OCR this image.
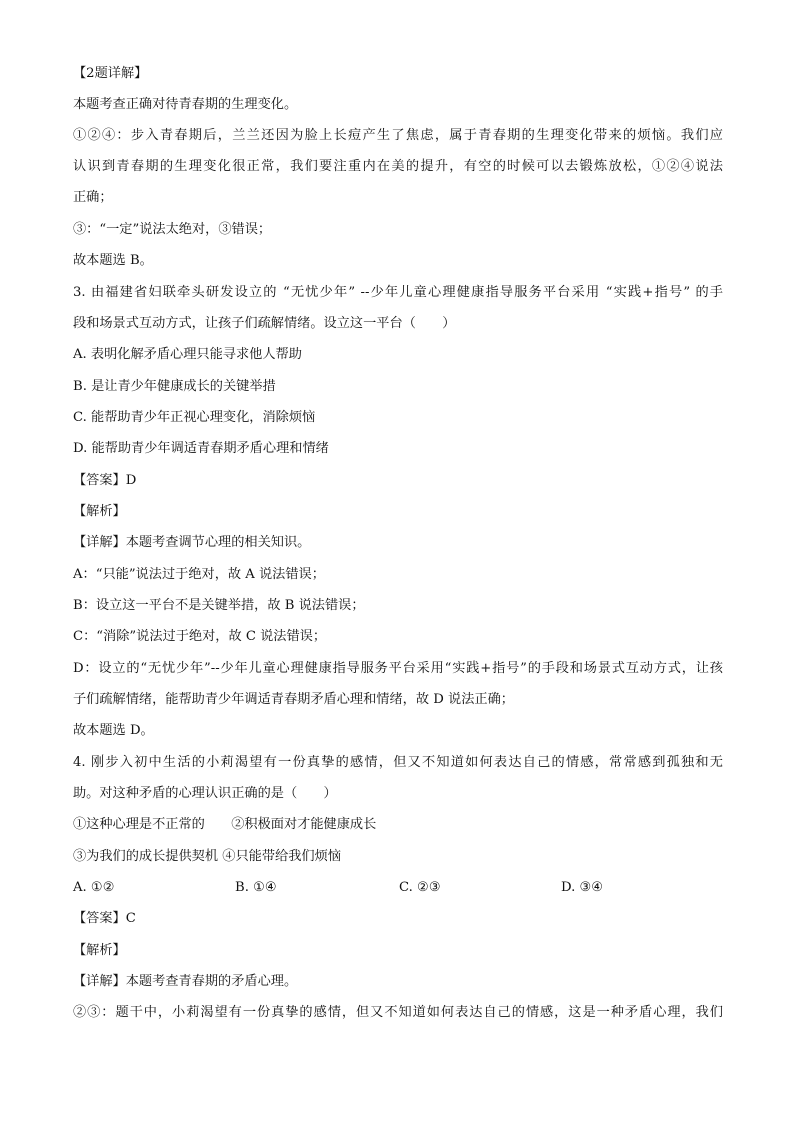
【2题详解】
本题考查正确对待青春期的生理变化。
①②④：步入青春期后，兰兰还因为脸上长痘产生了焦虑，属于青春期的生理变化带来的烦恼。我们应
认识到青春期的生理变化很正常，我们要注重内在美的提升，有空的时候可以去锻炼放松，①②④说法
正确；
③：“一定”说法太绝对，③错误；
故本题选 B。
3. 由福建省妇联牵头研发设立的 “无忧少年” --少年儿童心理健康指导服务平台采用 “实践+指号” 的手
段和场景式互动方式，让孩子们疏解情绪。设立这一平台（　　）
A. 表明化解矛盾心理只能寻求他人帮助
B. 是让青少年健康成长的关键举措
C. 能帮助青少年正视心理变化，消除烦恼
D. 能帮助青少年调适青春期矛盾心理和情绪
【答案】D
【解析】
【详解】本题考查调节心理的相关知识。
A：“只能”说法过于绝对，故 A 说法错误；
B：设立这一平台不是关键举措，故 B 说法错误；
C：“消除”说法过于绝对，故 C 说法错误；
D：设立的“无忧少年”--少年儿童心理健康指导服务平台采用“实践+指号”的手段和场景式互动方式，让孩
子们疏解情绪，能帮助青少年调适青春期矛盾心理和情绪，故 D 说法正确；
故本题选 D。
4. 刚步入初中生活的小莉渴望有一份真挚的感情，但又不知道如何表达自己的情感，常常感到孤独和无
助。对这种矛盾的心理认识正确的是（　　）
①这种心理是不正常的　　②积极面对才能健康成长
③为我们的成长提供契机 ④只能带给我们烦恼
A. ①②	B. ①④	C. ②③	D. ③④
【答案】C
【解析】
【详解】本题考查青春期的矛盾心理。
②③：题干中，小莉渴望有一份真挚的感情，但又不知道如何表达自己的情感，这是一种矛盾心理，我们
